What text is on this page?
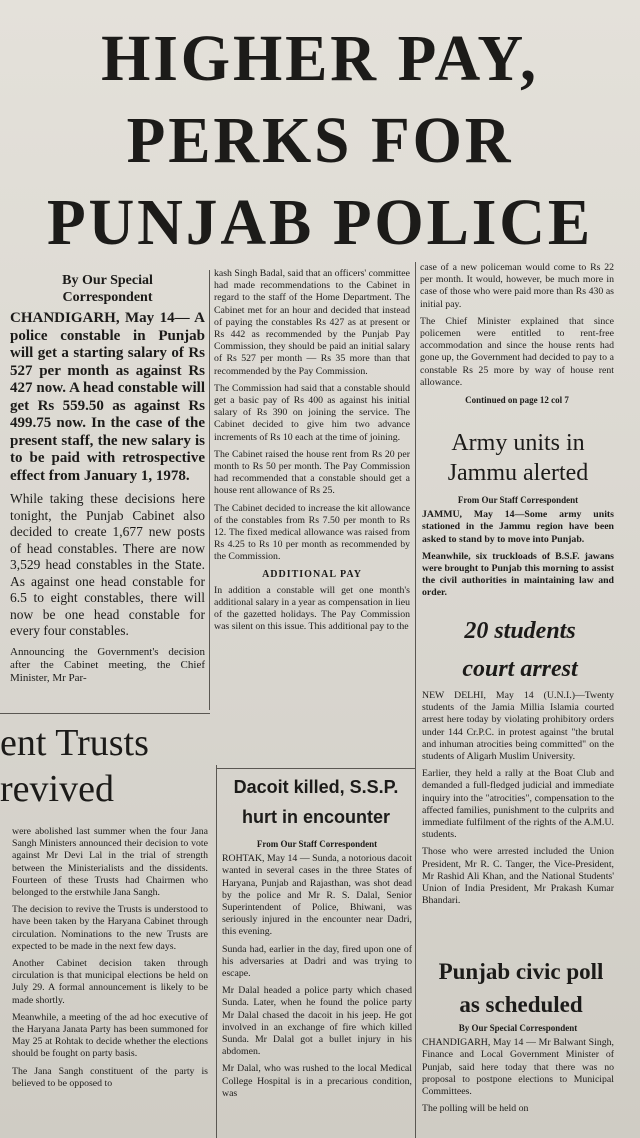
HIGHER PAY,
PERKS FOR
PUNJAB POLICE
By Our Special
Correspondent

CHANDIGARH, May 14— A police constable in Punjab will get a starting salary of Rs 527 per month as against Rs 427 now. A head constable will get Rs 559.50 as against Rs 499.75 now. In the case of the present staff, the new salary is to be paid with retrospective effect from January 1, 1978.

While taking these decisions here tonight, the Punjab Cabinet also decided to create 1,677 new posts of head constables. There are now 3,529 head constables in the State. As against one head constable for 6.5 to eight constables, there will now be one head constable for every four constables.

Announcing the Government's decision after the Cabinet meeting, the Chief Minister, Mr Par-

kash Singh Badal, said that an officers' committee had made recommendations to the Cabinet in regard to the staff of the Home Department. The Cabinet met for an hour and decided that instead of paying the constables Rs 427 as at present or Rs 442 as recommended by the Punjab Pay Commission, they should be paid an initial salary of Rs 527 per month — Rs 35 more than that recommended by the Pay Commission.

The Commission had said that a constable should get a basic pay of Rs 400 as against his initial salary of Rs 390 on joining the service. The Cabinet decided to give him two advance increments of Rs 10 each at the time of joining.

The Cabinet raised the house rent from Rs 20 per month to Rs 50 per month. The Pay Commission had recommended that a constable should get a house rent allowance of Rs 25.

The Cabinet decided to increase the kit allowance of the constables from Rs 7.50 per month to Rs 12. The fixed medical allowance was raised from Rs 4.25 to Rs 10 per month as recommended by the Commission.

ADDITIONAL PAY

In addition a constable will get one month's additional salary in a year as compensation in lieu of the gazetted holidays. The Pay Commission was silent on this issue. This additional pay to the

case of a new policeman would come to Rs 22 per month. It would, however, be much more in case of those who were paid more than Rs 430 as initial pay.

The Chief Minister explained that since policemen were entitled to rent-free accommodation and since the house rents had gone up, the Government had decided to pay to a constable Rs 25 more by way of house rent allowance.

Continued on page 12 col 7
Army units in
Jammu alerted
From Our Staff Correspondent

JAMMU, May 14—Some army units stationed in the Jammu region have been asked to stand by to move into Punjab.

Meanwhile, six truckloads of B.S.F. jawans were brought to Punjab this morning to assist the civil authorities in maintaining law and order.

20 students
court arrest

NEW DELHI, May 14 (U.N.I.)—Twenty students of the Jamia Millia Islamia courted arrest here today by violating prohibitory orders under 144 Cr.P.C. in protest against "the brutal and inhuman atrocities being committed" on the students of Aligarh Muslim University.

Earlier, they held a rally at the Boat Club and demanded a full-fledged judicial and immediate inquiry into the "atrocities", compensation to the affected families, punishment to the culprits and immediate fulfilment of the rights of the A.M.U. students.

Those who were arrested included the Union President, Mr R. C. Tanger, the Vice-President, Mr Rashid Ali Khan, and the National Students' Union of India President, Mr Prakash Kumar Bhandari.

Punjab civic poll
as scheduled
By Our Special Correspondent

CHANDIGARH, May 14 — Mr Balwant Singh, Finance and Local Government Minister of Punjab, said here today that there was no proposal to postpone elections to Municipal Committees.

The polling will be held on

ent Trusts
revived

were abolished last summer when the four Jana Sangh Ministers announced their decision to vote against Mr Devi Lal in the trial of strength between the Ministerialists and the dissidents. Fourteen of these Trusts had Chairmen who belonged to the erstwhile Jana Sangh.

The decision to revive the Trusts is understood to have been taken by the Haryana Cabinet through circulation. Nominations to the new Trusts are expected to be made in the next few days.

Another Cabinet decision taken through circulation is that municipal elections be held on July 29. A formal announcement is likely to be made shortly.

Meanwhile, a meeting of the ad hoc executive of the Haryana Janata Party has been summoned for May 25 at Rohtak to decide whether the elections should be fought on party basis.

The Jana Sangh constituent of the party is believed to be opposed to

Dacoit killed, S.S.P.
hurt in encounter
From Our Staff Correspondent

ROHTAK, May 14 — Sunda, a notorious dacoit wanted in several cases in the three States of Haryana, Punjab and Rajasthan, was shot dead by the police and Mr R. S. Dalal, Senior Superintendent of Police, Bhiwani, was seriously injured in the encounter near Dadri, this evening.

Sunda had, earlier in the day, fired upon one of his adversaries at Dadri and was trying to escape.

Mr Dalal headed a police party which chased Sunda. Later, when he found the police party Mr Dalal chased the dacoit in his jeep. He got involved in an exchange of fire which killed Sunda. Mr Dalal got a bullet injury in his abdomen.

Mr Dalal, who was rushed to the local Medical College Hospital is in a precarious condition, was
